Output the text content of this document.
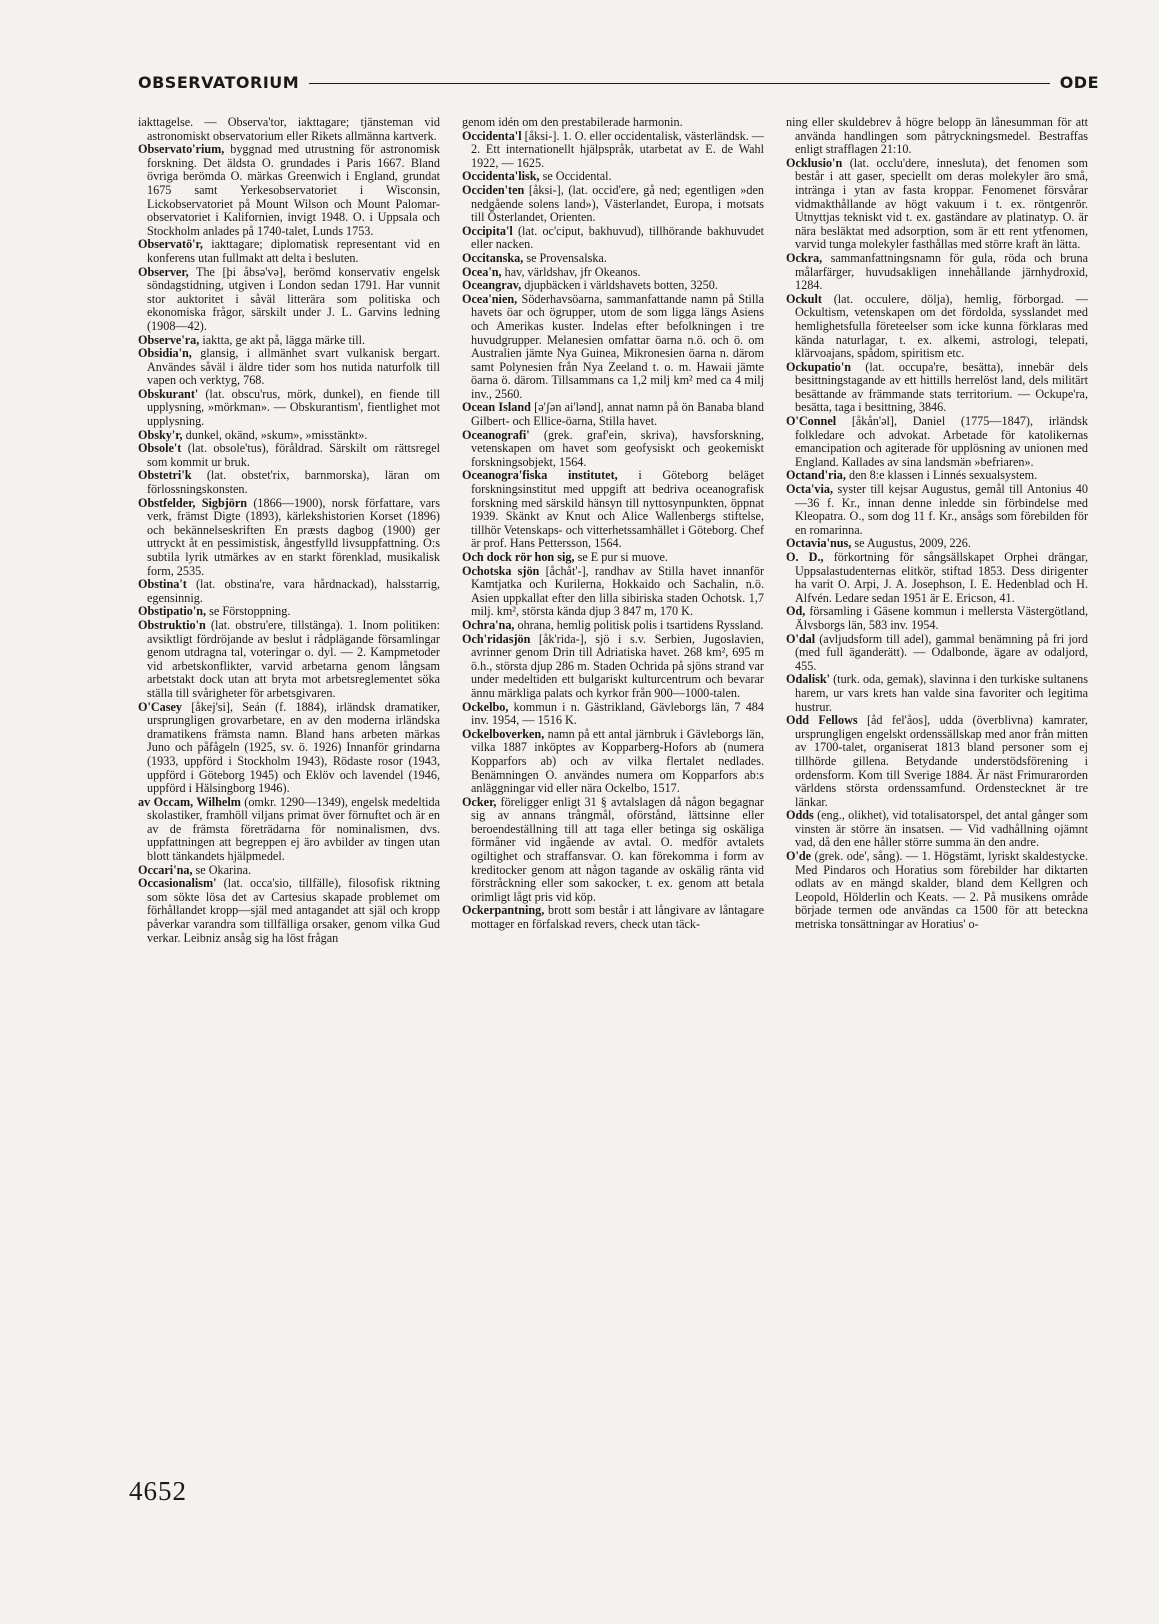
OBSERVATORIUM	ODE

iakttagelse. — Observa'tor, iakttagare; tjänsteman vid astronomiskt observatorium eller Rikets allmänna kartverk.

Observato'rium, byggnad med utrustning för astronomisk forskning. Det äldsta O. grundades i Paris 1667. Bland övriga berömda O. märkas Greenwich i England, grundat 1675 samt Yerkesobservatoriet i Wisconsin, Lickobservatoriet på Mount Wilson och Mount Palomar-observatoriet i Kalifornien, invigt 1948. O. i Uppsala och Stockholm anlades på 1740-talet, Lunds 1753.

Observatö'r, iakttagare; diplomatisk representant vid en konferens utan fullmakt att delta i besluten.

Observer, The [þi åbsə'və], berömd konservativ engelsk söndagstidning, utgiven i London sedan 1791. Har vunnit stor auktoritet i såväl litterära som politiska och ekonomiska frågor, särskilt under J. L. Garvins ledning (1908—42).

Observe'ra, iaktta, ge akt på, lägga märke till.

Obsidia'n, glansig, i allmänhet svart vulkanisk bergart. Användes såväl i äldre tider som hos nutida naturfolk till vapen och verktyg, 768.

Obskurant' (lat. obscu'rus, mörk, dunkel), en fiende till upplysning, »mörkman». — Obskurantism', fientlighet mot upplysning.

Obsky'r, dunkel, okänd, »skum», »misstänkt».

Obsole't (lat. obsole'tus), föråldrad. Särskilt om rättsregel som kommit ur bruk.

Obstetri'k (lat. obstet'rix, barnmorska), läran om förlossningskonsten.

Obstfelder, Sigbjörn (1866—1900), norsk författare, vars verk, främst Digte (1893), kärlekshistorien Korset (1896) och bekännelseskriften En præsts dagbog (1900) ger uttryckt åt en pessimistisk, ångestfylld livsuppfattning. O:s subtila lyrik utmärkes av en starkt förenklad, musikalisk form, 2535.

Obstina't (lat. obstina're, vara hårdnackad), halsstarrig, egensinnig.

Obstipatio'n, se Förstoppning.

Obstruktio'n (lat. obstru'ere, tillstänga). 1. Inom politiken: avsiktligt fördröjande av beslut i rådplägande församlingar genom utdragna tal, voteringar o. dyl. — 2. Kampmetoder vid arbetskonflikter, varvid arbetarna genom långsam arbetstakt dock utan att bryta mot arbetsreglementet söka ställa till svårigheter för arbetsgivaren.

O'Casey [åkej'si], Seán (f. 1884), irländsk dramatiker, ursprungligen grovarbetare, en av den moderna irländska dramatikens främsta namn. Bland hans arbeten märkas Juno och påfågeln (1925, sv. ö. 1926) Innanför grindarna (1933, uppförd i Stockholm 1943), Rödaste rosor (1943, uppförd i Göteborg 1945) och Eklöv och lavendel (1946, uppförd i Hälsingborg 1946).

av Occam, Wilhelm (omkr. 1290—1349), engelsk medeltida skolastiker, framhöll viljans primat över förnuftet och är en av de främsta företrädarna för nominalismen, dvs. uppfattningen att begreppen ej äro avbilder av tingen utan blott tänkandets hjälpmedel.

Occari'na, se Okarina.

Occasionalism' (lat. occa'sio, tillfälle), filosofisk riktning som sökte lösa det av Cartesius skapade problemet om förhållandet kropp—själ med antagandet att själ och kropp påverkar varandra som tillfälliga orsaker, genom vilka Gud verkar. Leibniz ansåg sig ha löst frågan

genom idén om den prestabilerade harmonin.

Occidenta'l [åksi-]. 1. O. eller occidentalisk, västerländsk. — 2. Ett internationellt hjälpspråk, utarbetat av E. de Wahl 1922, — 1625.

Occidenta'lisk, se Occidental.

Occiden'ten [åksi-], (lat. occid'ere, gå ned; egentligen »den nedgående solens land»), Västerlandet, Europa, i motsats till Österlandet, Orienten.

Occipita'l (lat. oc'ciput, bakhuvud), tillhörande bakhuvudet eller nacken.

Occitanska, se Provensalska.

Ocea'n, hav, världshav, jfr Okeanos.

Oceangrav, djupbäcken i världshavets botten, 3250.

Ocea'nien, Söderhavsöarna, sammanfattande namn på Stilla havets öar och ögrupper, utom de som ligga längs Asiens och Amerikas kuster. Indelas efter befolkningen i tre huvudgrupper. Melanesien omfattar öarna n.ö. och ö. om Australien jämte Nya Guinea, Mikronesien öarna n. därom samt Polynesien från Nya Zeeland t. o. m. Hawaii jämte öarna ö. därom. Tillsammans ca 1,2 milj km² med ca 4 milj inv., 2560.

Ocean Island [ə'ʃən ai'lənd], annat namn på ön Banaba bland Gilbert- och Ellice-öarna, Stilla havet.

Oceanografi' (grek. graf'ein, skriva), havsforskning, vetenskapen om havet som geofysiskt och geokemiskt forskningsobjekt, 1564.

Oceanogra'fiska institutet, i Göteborg beläget forskningsinstitut med uppgift att bedriva oceanografisk forskning med särskild hänsyn till nyttosynpunkten, öppnat 1939. Skänkt av Knut och Alice Wallenbergs stiftelse, tillhör Vetenskaps- och vitterhetssamhället i Göteborg. Chef är prof. Hans Pettersson, 1564.

Och dock rör hon sig, se E pur si muove.

Ochotska sjön [åchåt'-], randhav av Stilla havet innanför Kamtjatka och Kurilerna, Hokkaido och Sachalin, n.ö. Asien uppkallat efter den lilla sibiriska staden Ochotsk. 1,7 milj. km², största kända djup 3 847 m, 170 K.

Ochra'na, ohrana, hemlig politisk polis i tsartidens Ryssland.

Och'ridasjön [åk'rida-], sjö i s.v. Serbien, Jugoslavien, avrinner genom Drin till Adriatiska havet. 268 km², 695 m ö.h., största djup 286 m. Staden Ochrida på sjöns strand var under medeltiden ett bulgariskt kulturcentrum och bevarar ännu märkliga palats och kyrkor från 900—1000-talen.

Ockelbo, kommun i n. Gästrikland, Gävleborgs län, 7 484 inv. 1954, — 1516 K.

Ockelboverken, namn på ett antal järnbruk i Gävleborgs län, vilka 1887 inköptes av Kopparberg-Hofors ab (numera Kopparfors ab) och av vilka flertalet nedlades. Benämningen O. användes numera om Kopparfors ab:s anläggningar vid eller nära Ockelbo, 1517.

Ocker, föreligger enligt 31 § avtalslagen då någon begagnar sig av annans trångmål, oförstånd, lättsinne eller beroendeställning till att taga eller betinga sig oskäliga förmåner vid ingående av avtal. O. medför avtalets ogiltighet och straffansvar. O. kan förekomma i form av kreditocker genom att någon tagande av oskälig ränta vid förstråckning eller som sakocker, t. ex. genom att betala orimligt lågt pris vid köp.

Ockerpantning, brott som består i att långivare av låntagare mottager en förfalskad revers, check utan täck-

ning eller skuldebrev å högre belopp än lånesumman för att använda handlingen som påtryckningsmedel. Bestraffas enligt strafflagen 21:10.

Ocklusio'n (lat. occlu'dere, innesluta), det fenomen som består i att gaser, speciellt om deras molekyler äro små, intränga i ytan av fasta kroppar. Fenomenet försvårar vidmakthållande av högt vakuum i t. ex. röntgenrör. Utnyttjas tekniskt vid t. ex. gaständare av platinatyp. O. är nära besläktat med adsorption, som är ett rent ytfenomen, varvid tunga molekyler fasthållas med större kraft än lätta.

Ockra, sammanfattningsnamn för gula, röda och bruna målarfärger, huvudsakligen innehållande järnhydroxid, 1284.

Ockult (lat. occulere, dölja), hemlig, förborgad. — Ockultism, vetenskapen om det fördolda, sysslandet med hemlighetsfulla företeelser som icke kunna förklaras med kända naturlagar, t. ex. alkemi, astrologi, telepati, klärvoajans, spådom, spiritism etc.

Ockupatio'n (lat. occupa're, besätta), innebär dels besittningstagande av ett hittills herrelöst land, dels militärt besättande av främmande stats territorium. — Ockupe'ra, besätta, taga i besittning, 3846.

O'Connel [åkån'əl], Daniel (1775—1847), irländsk folkledare och advokat. Arbetade för katolikernas emancipation och agiterade för upplösning av unionen med England. Kallades av sina landsmän »befriaren».

Octand'ria, den 8:e klassen i Linnés sexualsystem.

Octa'via, syster till kejsar Augustus, gemål till Antonius 40—36 f. Kr., innan denne inledde sin förbindelse med Kleopatra. O., som dog 11 f. Kr., ansågs som förebilden för en romarinna.

Octavia'nus, se Augustus, 2009, 226.

O. D., förkortning för sångsällskapet Orphei drängar, Uppsalastudenternas elitkör, stiftad 1853. Dess dirigenter ha varit O. Arpi, J. A. Josephson, I. E. Hedenblad och H. Alfvén. Ledare sedan 1951 är E. Ericson, 41.

Od, församling i Gäsene kommun i mellersta Västergötland, Älvsborgs län, 583 inv. 1954.

O'dal (avljudsform till adel), gammal benämning på fri jord (med full äganderätt). — Odalbonde, ägare av odaljord, 455.

Odalisk' (turk. oda, gemak), slavinna i den turkiske sultanens harem, ur vars krets han valde sina favoriter och legitima hustrur.

Odd Fellows [åd fel'åos], udda (överblivna) kamrater, ursprungligen engelskt ordenssällskap med anor från mitten av 1700-talet, organiserat 1813 bland personer som ej tillhörde gillena. Betydande understödsförening i ordensform. Kom till Sverige 1884. Är näst Frimurarorden världens största ordenssamfund. Ordenstecknet är tre länkar.

Odds (eng., olikhet), vid totalisatorspel, det antal gånger som vinsten är större än insatsen. — Vid vadhållning ojämnt vad, då den ene håller större summa än den andre.

O'de (grek. ode', sång). — 1. Högstämt, lyriskt skaldestycke. Med Pindaros och Horatius som förebilder har diktarten odlats av en mängd skalder, bland dem Kellgren och Leopold, Hölderlin och Keats. — 2. På musikens område började termen ode användas ca 1500 för att beteckna metriska tonsättningar av Horatius' o-

4652
